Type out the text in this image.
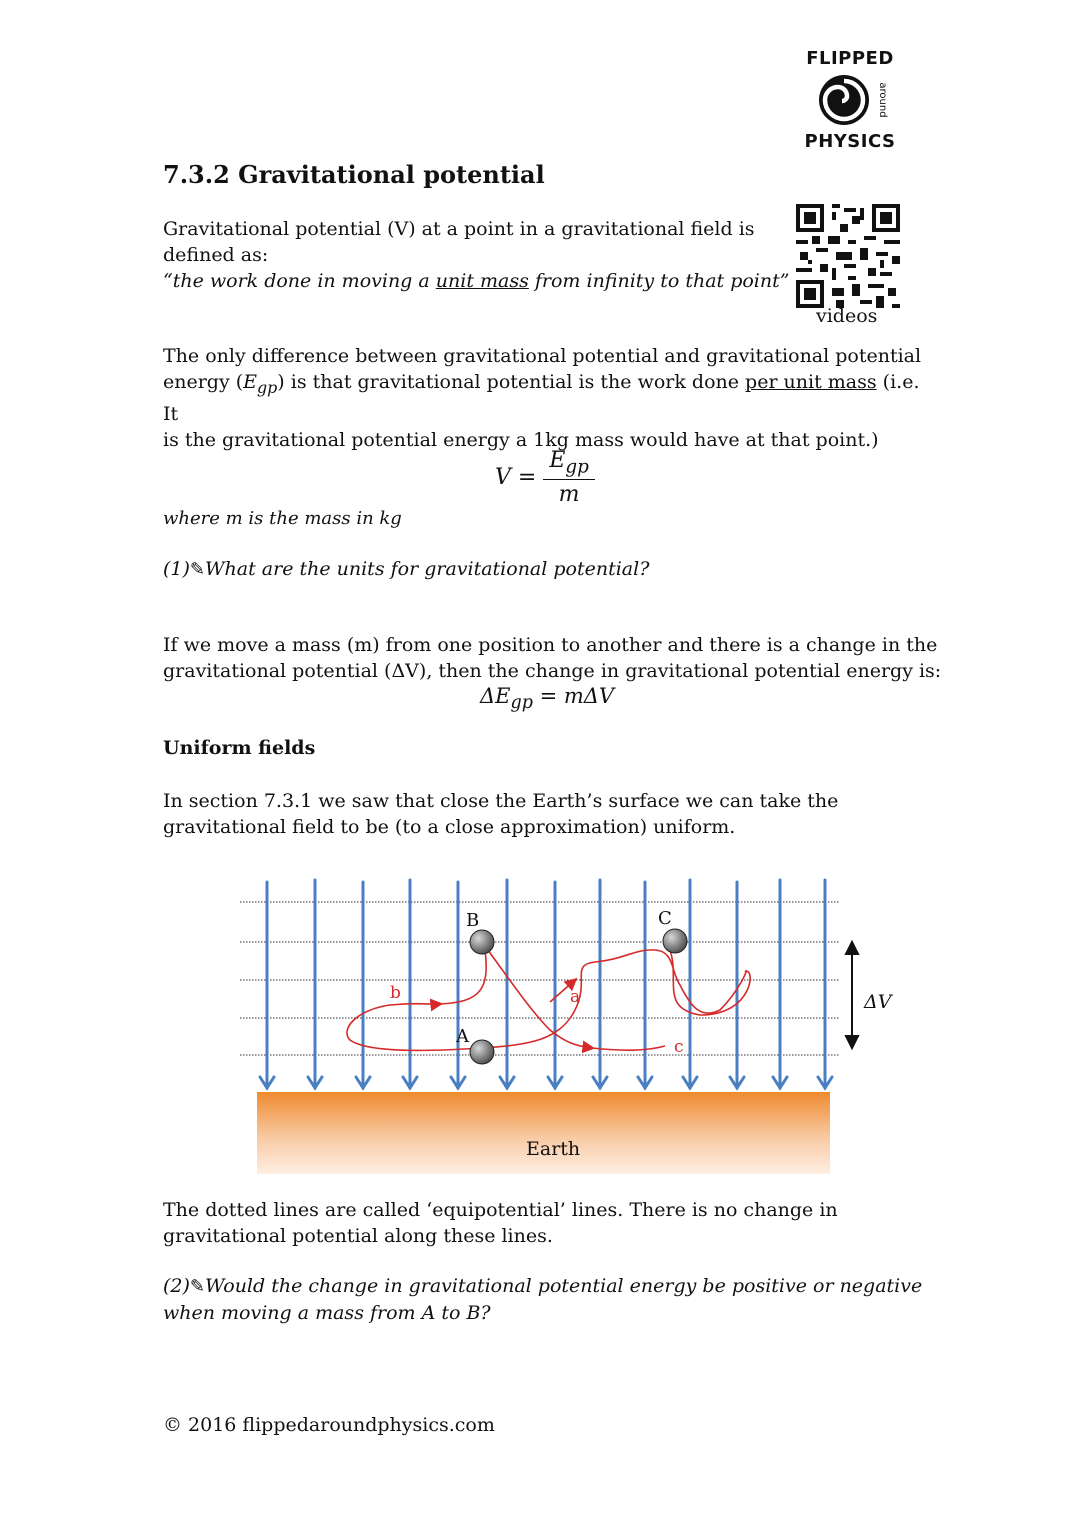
FLIPPED
around
PHYSICS
7.3.2 Gravitational potential
Gravitational potential (V) at a point in a gravitational field is
defined as:
“the work done in moving a unit mass from infinity to that point”
videos
The only difference between gravitational potential and gravitational potential
energy $(E_{gp})$ is that gravitational potential is the work done per unit mass (i.e. It
is the gravitational potential energy a 1kg mass would have at that point.)
$V = \frac{E_{gp}}{m}$
where m is the mass in kg
(1)✎What are the units for gravitational potential?
If we move a mass (m) from one position to another and there is a change in the
gravitational potential (ΔV), then the change in gravitational potential energy is:
$\Delta E_{gp} = m\Delta V$
Uniform fields
In section 7.3.1 we saw that close the Earth’s surface we can take the
gravitational field to be (to a close approximation) uniform.
Earth
A
B	C
a
b
c
ΔV
The dotted lines are called ‘equipotential’ lines. There is no change in
gravitational potential along these lines.
(2)✎Would the change in gravitational potential energy be positive or negative
when moving a mass from A to B?
© 2016 flippedaroundphysics.com
